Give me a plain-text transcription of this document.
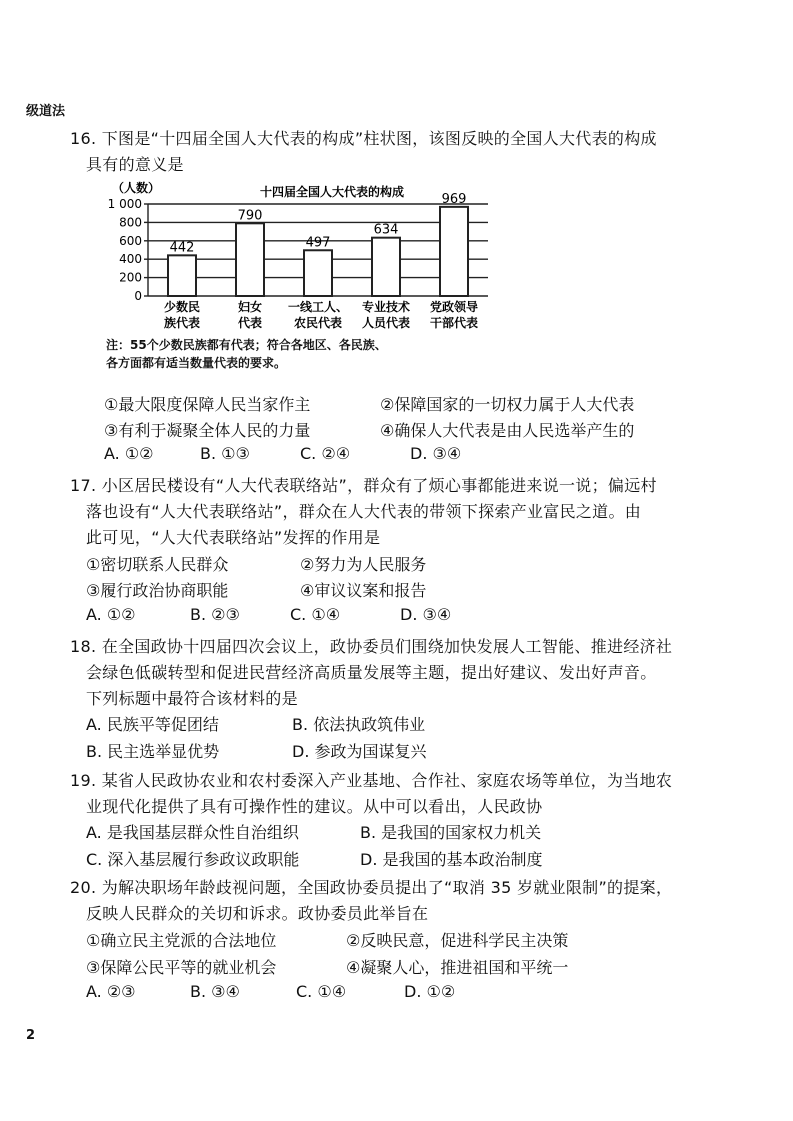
级道法
16. 下图是“十四届全国人大代表的构成”柱状图，该图反映的全国人大代表的构成
具有的意义是
（人数）	十四届全国人大代表的构成
0
200
400
600
800
1 000
442
少数民
族代表
790
妇女
代表
497
一线工人、
农民代表
634
专业技术
人员代表
969
党政领导
干部代表
注：55个少数民族都有代表；符合各地区、各民族、
各方面都有适当数量代表的要求。
①最大限度保障人民当家作主	②保障国家的一切权力属于人大代表
③有利于凝聚全体人民的力量	④确保人大代表是由人民选举产生的
A. ①②	B. ①③	C. ②④	D. ③④
17. 小区居民楼设有“人大代表联络站”，群众有了烦心事都能进来说一说；偏远村
落也设有“人大代表联络站”，群众在人大代表的带领下探索产业富民之道。由
此可见，“人大代表联络站”发挥的作用是
①密切联系人民群众	②努力为人民服务
③履行政治协商职能	④审议议案和报告
A. ①②	B. ②③	C. ①④	D. ③④
18. 在全国政协十四届四次会议上，政协委员们围绕加快发展人工智能、推进经济社
会绿色低碳转型和促进民营经济高质量发展等主题，提出好建议、发出好声音。
下列标题中最符合该材料的是
A. 民族平等促团结	B. 依法执政筑伟业
B. 民主选举显优势	D. 参政为国谋复兴
19. 某省人民政协农业和农村委深入产业基地、合作社、家庭农场等单位，为当地农
业现代化提供了具有可操作性的建议。从中可以看出，人民政协
A. 是我国基层群众性自治组织	B. 是我国的国家权力机关
C. 深入基层履行参政议政职能	D. 是我国的基本政治制度
20. 为解决职场年龄歧视问题，全国政协委员提出了“取消 35 岁就业限制”的提案，
反映人民群众的关切和诉求。政协委员此举旨在
①确立民主党派的合法地位	②反映民意，促进科学民主决策
③保障公民平等的就业机会	④凝聚人心，推进祖国和平统一
A. ②③	B. ③④	C. ①④	D. ①②
2
